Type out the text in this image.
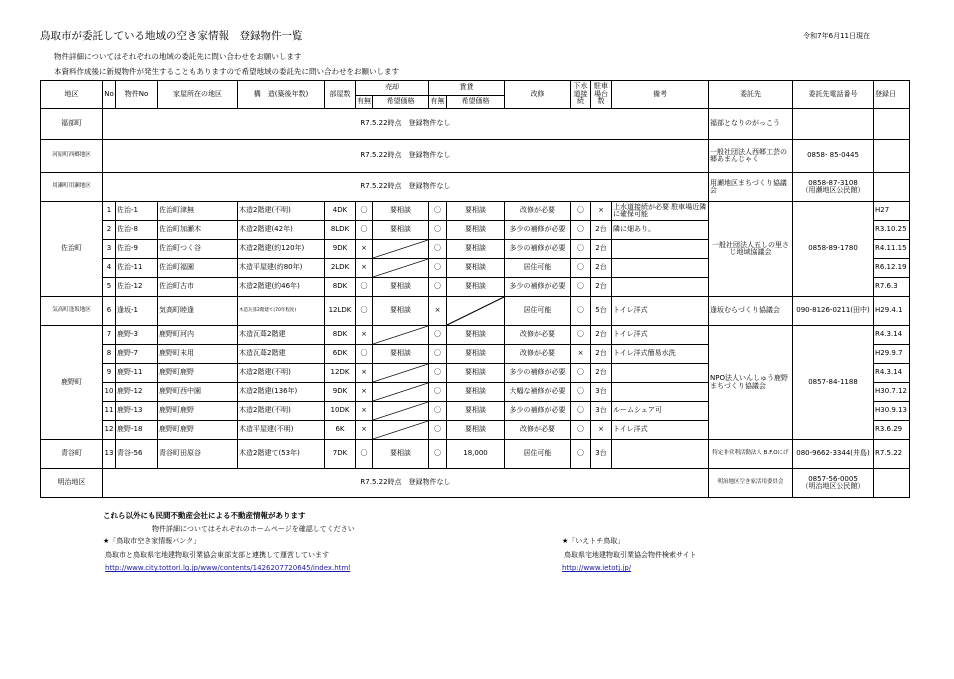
鳥取市が委託している地域の空き家情報　登録物件一覧	令和7年6月11日現在
物件詳細についてはそれぞれの地域の委託先に問い合わせをお願いします
本資料作成後に新規物件が発生することもありますので希望地域の委託先に問い合わせをお願いします
地区	No	物件No	家屋所在の地区	構　造(築後年数)	部屋数	売却		賃貸		改修	下水道接続	駐車場台数	備考	委託先	委託先電話番号	登録日
						有無	希望価格	有無	希望価格							
福部町	R7.5.22時点　登録物件なし													福部となりのがっこう		
河原町西郷地区	R7.5.22時点　登録物件なし													一般社団法人西郷工芸の郷あまんじゃく	0858- 85-0445	
用瀬町用瀬地区	R7.5.22時点　登録物件なし													用瀬地区まちづくり協議会	0858-87-3108
（用瀬地区公民館）	
佐治町	1	佐治-1	佐治町津無	木造2階建(不明)	4DK	〇	要相談	〇	要相談	改修が必要	〇	×	上水道接続が必要 駐車場近隣に確保可能	一般社団法人五しの里さじ地域協議会	0858-89-1780	H27
	2	佐治-8	佐治町加瀬木	木造2階建(42年)	8LDK	〇	要相談	〇	要相談	多少の補修が必要	〇	2台	隣に畑あり。			R3.10.25
	3	佐治-9	佐治町つく谷	木造2階建(約120年)	9DK	×		〇	要相談	多少の補修が必要	〇	2台				R4.11.15
	4	佐治-11	佐治町福園	木造平屋建(約80年)	2LDK	×		〇	要相談	居住可能	〇	2台				R6.12.19
	5	佐治-12	佐治町古市	木造2階建(約46年)	8DK	〇	要相談	〇	要相談	多少の補修が必要	〇	2台				R7.6.3
気高町逢坂地区	6	逢坂-1	気高町睦逢	木造瓦葺2階建て(70年程度)	12LDK	〇	要相談	×		居住可能	〇	5台	トイレ洋式	逢坂むらづくり協議会	090-8126-0211(田中)	H29.4.1
鹿野町	7	鹿野-3	鹿野町河内	木造瓦葺2階建	8DK	×		〇	要相談	改修が必要	〇	2台	トイレ洋式	NPO法人いんしゅう鹿野まちづくり協議会	0857-84-1188	R4.3.14
	8	鹿野-7	鹿野町末用	木造瓦葺2階建	6DK	〇	要相談	〇	要相談	改修が必要	×	2台	トイレ洋式簡易水洗			H29.9.7
	9	鹿野-11	鹿野町鹿野	木造2階建(不明)	12DK	×		〇	要相談	多少の補修が必要	〇	2台				R4.3.14
	10	鹿野-12	鹿野町西中園	木造2階建(136年)	9DK	×		〇	要相談	大幅な補修が必要	〇	3台				H30.7.12
	11	鹿野-13	鹿野町鹿野	木造2階建(不明)	10DK	×		〇	要相談	多少の補修が必要	〇	3台	ルームシェア可			H30.9.13
	12	鹿野-18	鹿野町鹿野	木造平屋建(不明)	6K	×		〇	要相談	改修が必要	〇	×	トイレ洋式			R3.6.29
青谷町	13	青谷-56	青谷町田原谷	木造2階建て(53年)	7DK	〇	要相談	〇	18,000	居住可能	〇	3台		特定非営利活動法人 B.F.Oにげ	080-9662-3344(井島)	R7.5.22
明治地区	R7.5.22時点　登録物件なし													明治地区空き家活用委員会	0857-56-0005
（明治地区公民館）	
これら以外にも民間不動産会社による不動産情報があります
物件詳細についてはそれぞれのホームページを確認してください
★「鳥取市空き家情報バンク」
鳥取市と鳥取県宅地建物取引業協会東部支部と連携して運営しています
http://www.city.tottori.lg.jp/www/contents/1426207720645/index.html
★「いえトチ鳥取」
鳥取県宅地建物取引業協会物件検索サイト
http://www.ietotj.jp/
